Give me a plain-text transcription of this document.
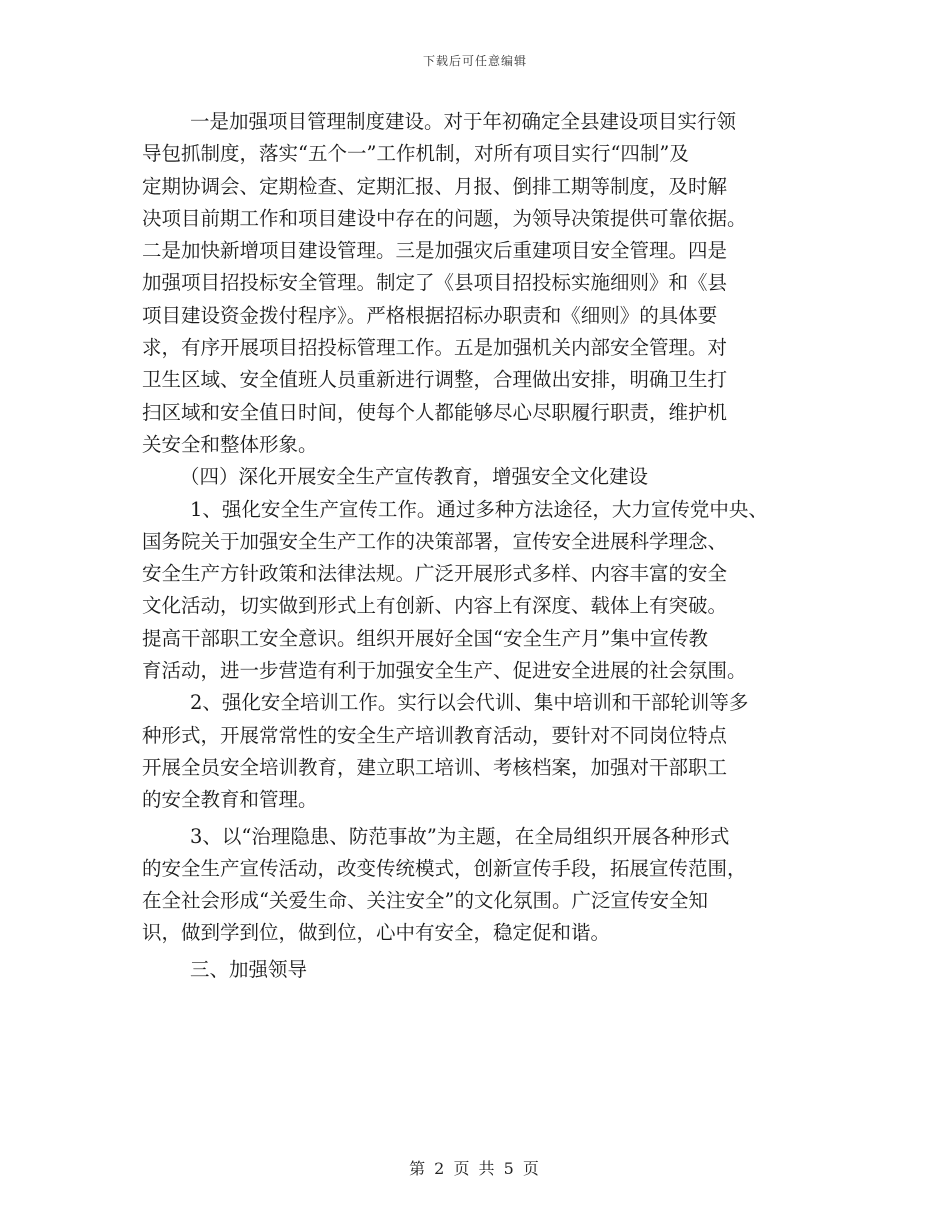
下载后可任意编辑
一是加强项目管理制度建设。对于年初确定全县建设项目实行领
导包抓制度，落实“五个一”工作机制，对所有项目实行“四制”及
定期协调会、定期检查、定期汇报、月报、倒排工期等制度，及时解
决项目前期工作和项目建设中存在的问题，为领导决策提供可靠依据。
二是加快新增项目建设管理。三是加强灾后重建项目安全管理。四是
加强项目招投标安全管理。制定了《县项目招投标实施细则》和《县
项目建设资金拨付程序》。严格根据招标办职责和《细则》的具体要
求，有序开展项目招投标管理工作。五是加强机关内部安全管理。对
卫生区域、安全值班人员重新进行调整，合理做出安排，明确卫生打
扫区域和安全值日时间，使每个人都能够尽心尽职履行职责，维护机
关安全和整体形象。
（四）深化开展安全生产宣传教育，增强安全文化建设
1、强化安全生产宣传工作。通过多种方法途径，大力宣传党中央、
国务院关于加强安全生产工作的决策部署，宣传安全进展科学理念、
安全生产方针政策和法律法规。广泛开展形式多样、内容丰富的安全
文化活动，切实做到形式上有创新、内容上有深度、载体上有突破。
提高干部职工安全意识。组织开展好全国“安全生产月”集中宣传教
育活动，进一步营造有利于加强安全生产、促进安全进展的社会氛围。
2、强化安全培训工作。实行以会代训、集中培训和干部轮训等多
种形式，开展常常性的安全生产培训教育活动，要针对不同岗位特点
开展全员安全培训教育，建立职工培训、考核档案，加强对干部职工
的安全教育和管理。
3、以“治理隐患、防范事故”为主题，在全局组织开展各种形式
的安全生产宣传活动，改变传统模式，创新宣传手段，拓展宣传范围，
在全社会形成“关爱生命、关注安全”的文化氛围。广泛宣传安全知
识，做到学到位，做到位，心中有安全，稳定促和谐。
三、加强领导
第 2 页 共 5 页
